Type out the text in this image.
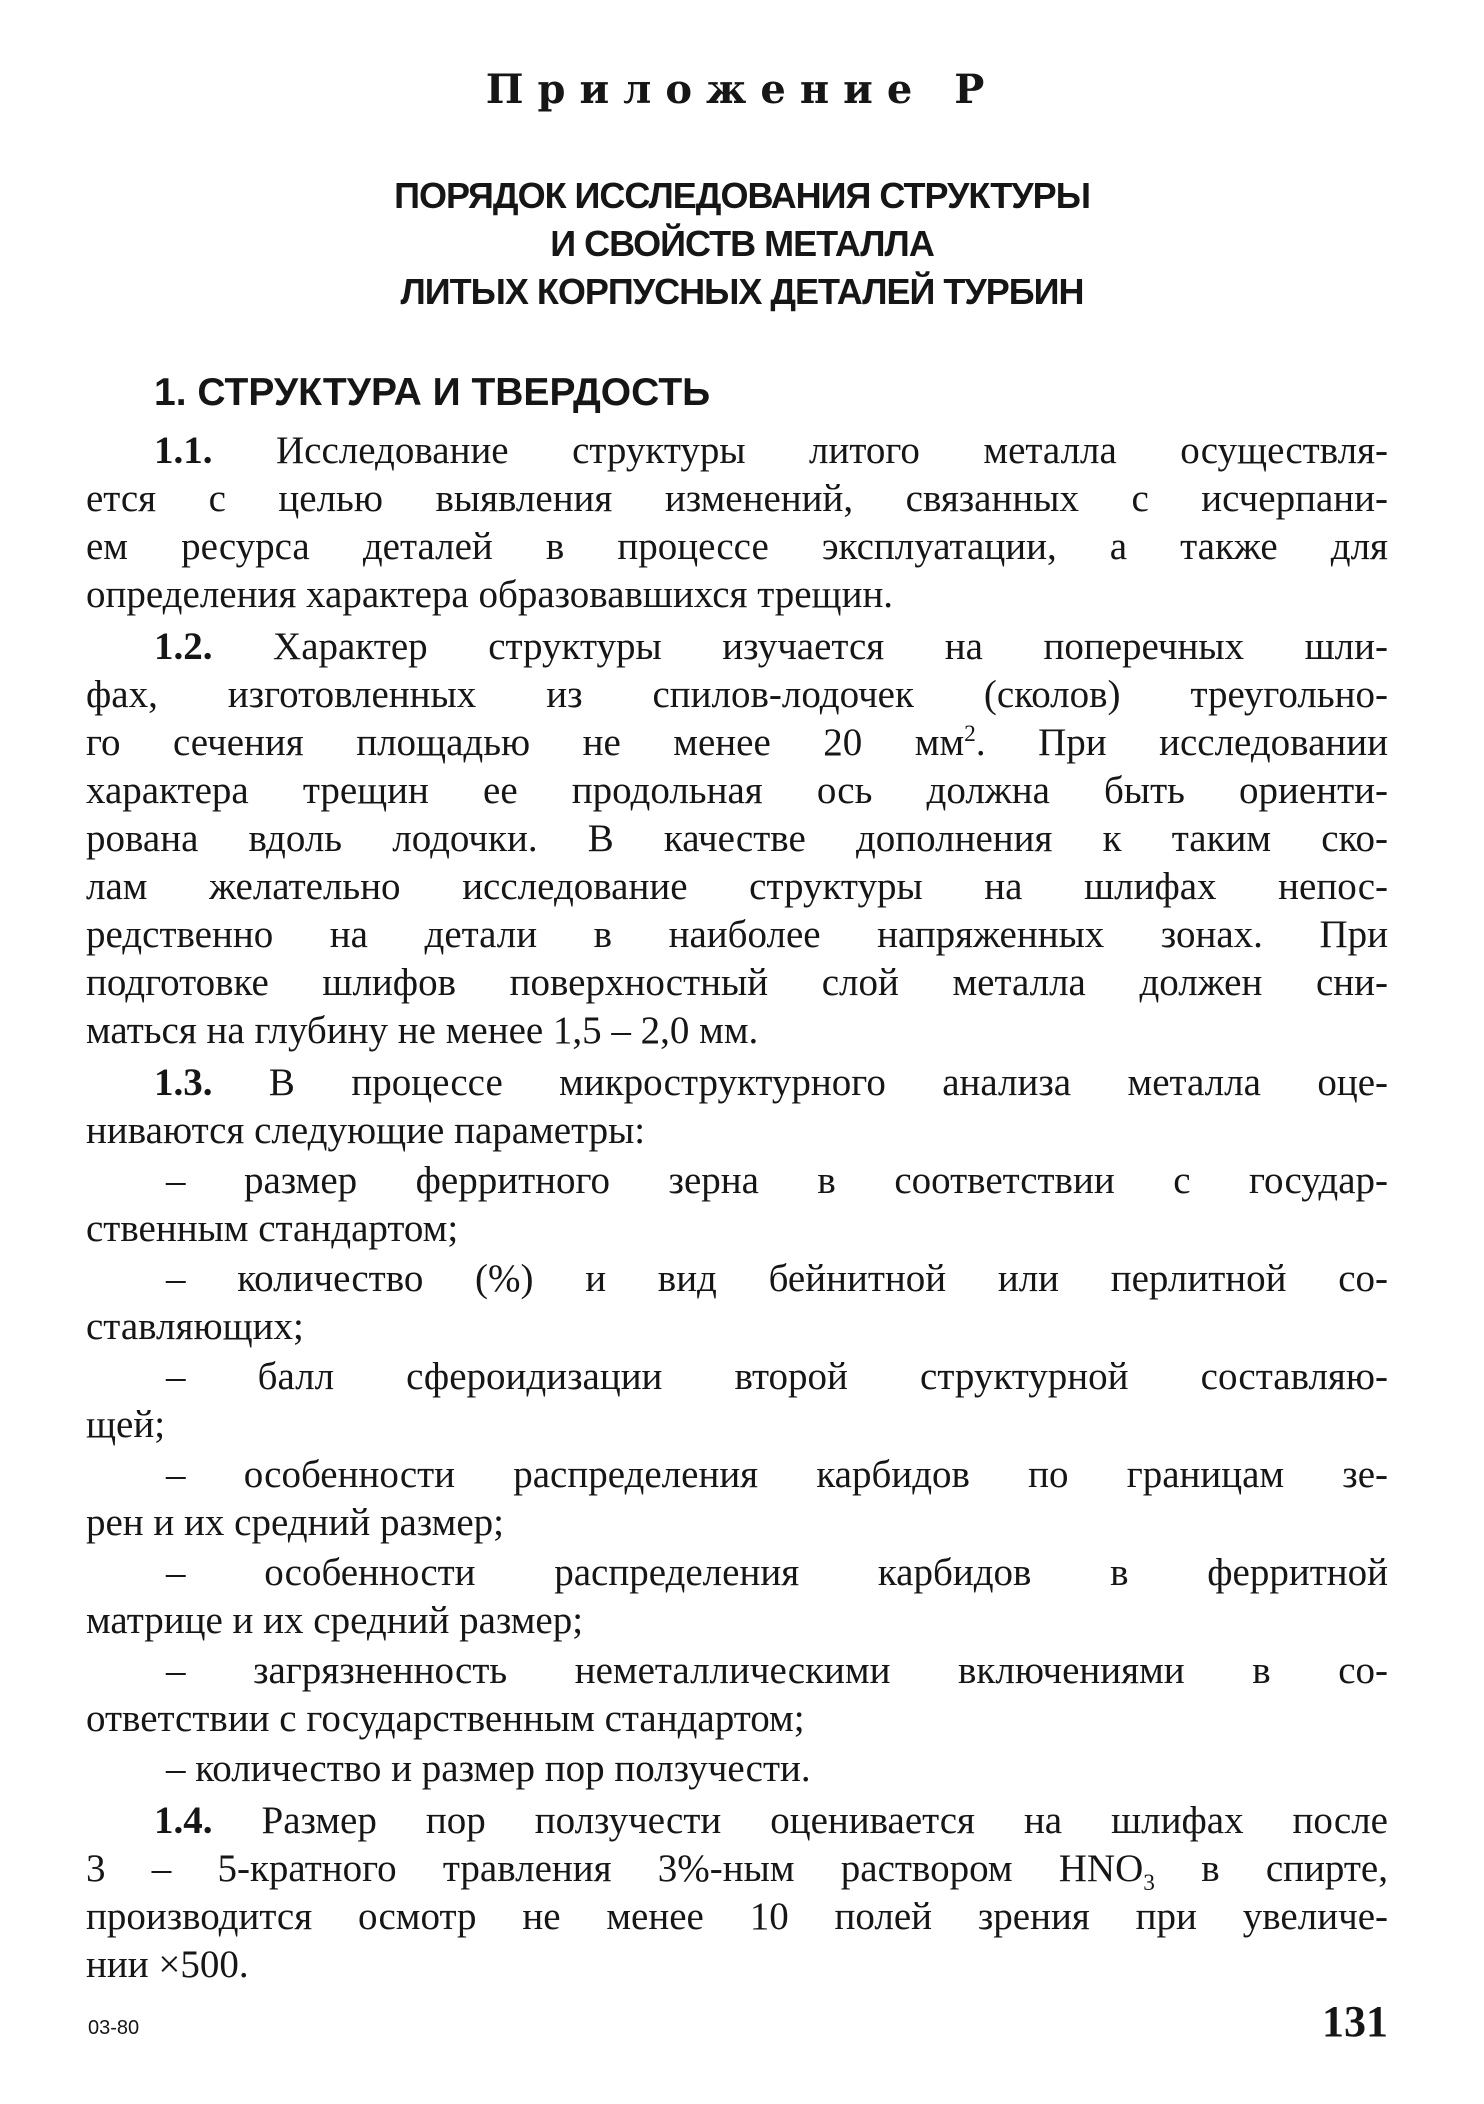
Приложение Р
ПОРЯДОК ИССЛЕДОВАНИЯ СТРУКТУРЫ
И СВОЙСТВ МЕТАЛЛА
ЛИТЫХ КОРПУСНЫХ ДЕТАЛЕЙ ТУРБИН
1. СТРУКТУРА И ТВЕРДОСТЬ
1.1. Исследование структуры литого металла осуществля-
ется с целью выявления изменений, связанных с исчерпани-
ем ресурса деталей в процессе эксплуатации, а также для
определения характера образовавшихся трещин.
1.2. Характер структуры изучается на поперечных шли-
фах, изготовленных из спилов-лодочек (сколов) треугольно-
го сечения площадью не менее 20 $мм^2$. При исследовании
характера трещин ее продольная ось должна быть ориенти-
рована вдоль лодочки. В качестве дополнения к таким ско-
лам желательно исследование структуры на шлифах непос-
редственно на детали в наиболее напряженных зонах. При
подготовке шлифов поверхностный слой металла должен сни-
маться на глубину не менее 1,5 – 2,0 мм.
1.3. В процессе микроструктурного анализа металла оце-
ниваются следующие параметры:
– размер ферритного зерна в соответствии с государ-
ственным стандартом;
– количество (%) и вид бейнитной или перлитной со-
ставляющих;
– балл сфероидизации второй структурной составляю-
щей;
– особенности распределения карбидов по границам зе-
рен и их средний размер;
– особенности распределения карбидов в ферритной
матрице и их средний размер;
– загрязненность неметаллическими включениями в со-
ответствии с государственным стандартом;
– количество и размер пор ползучести.
1.4. Размер пор ползучести оценивается на шлифах после
3 – 5-кратного травления 3%-ным раствором $HNO_3$ в спирте,
производится осмотр не менее 10 полей зрения при увеличе-
нии ×500.
03-80	131
